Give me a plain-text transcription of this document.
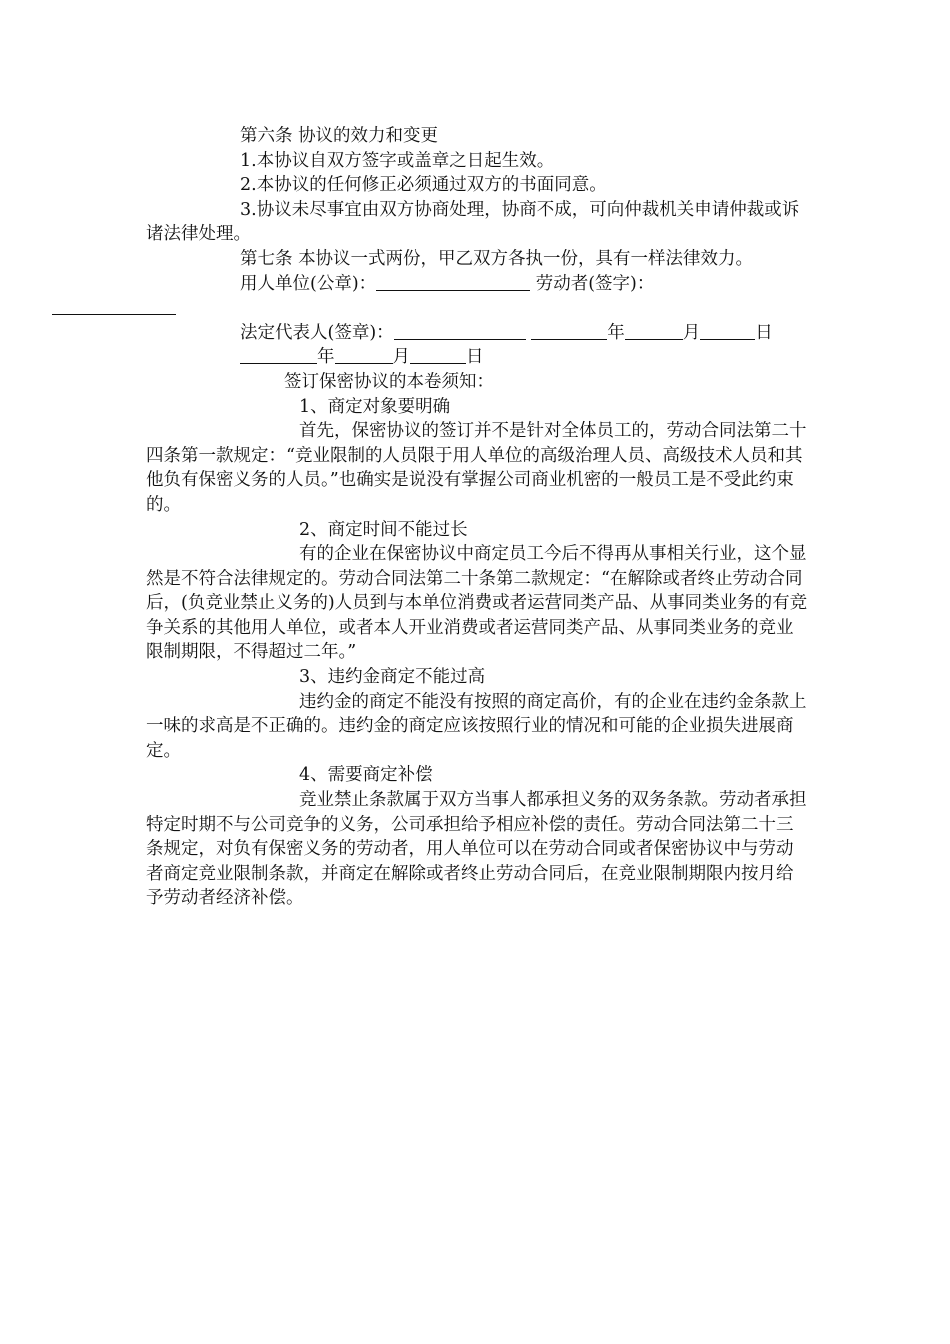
第六条 协议的效力和变更

1.本协议自双方签字或盖章之日起生效。

2.本协议的任何修正必须通过双方的书面同意。

3.协议未尽事宜由双方协商处理，协商不成，可向仲裁机关申请仲裁或诉诸法律处理。

第七条 本协议一式两份，甲乙双方各执一份，具有一样法律效力。

用人单位(公章)：	劳动者(签字)：

法定代表人(签章)：	年	月	日

年	月	日

签订保密协议的本卷须知：

1、商定对象要明确

首先，保密协议的签订并不是针对全体员工的，劳动合同法第二十四条第一款规定：“竞业限制的人员限于用人单位的高级治理人员、高级技术人员和其他负有保密义务的人员。”也确实是说没有掌握公司商业机密的一般员工是不受此约束的。

2、商定时间不能过长

有的企业在保密协议中商定员工今后不得再从事相关行业，这个显然是不符合法律规定的。劳动合同法第二十条第二款规定：“在解除或者终止劳动合同后，(负竞业禁止义务的)人员到与本单位消费或者运营同类产品、从事同类业务的有竞争关系的其他用人单位，或者本人开业消费或者运营同类产品、从事同类业务的竞业限制期限，不得超过二年。”

3、违约金商定不能过高

违约金的商定不能没有按照的商定高价，有的企业在违约金条款上一味的求高是不正确的。违约金的商定应该按照行业的情况和可能的企业损失进展商定。

4、需要商定补偿

竞业禁止条款属于双方当事人都承担义务的双务条款。劳动者承担特定时期不与公司竞争的义务，公司承担给予相应补偿的责任。劳动合同法第二十三条规定，对负有保密义务的劳动者，用人单位可以在劳动合同或者保密协议中与劳动者商定竞业限制条款，并商定在解除或者终止劳动合同后，在竞业限制期限内按月给予劳动者经济补偿。
